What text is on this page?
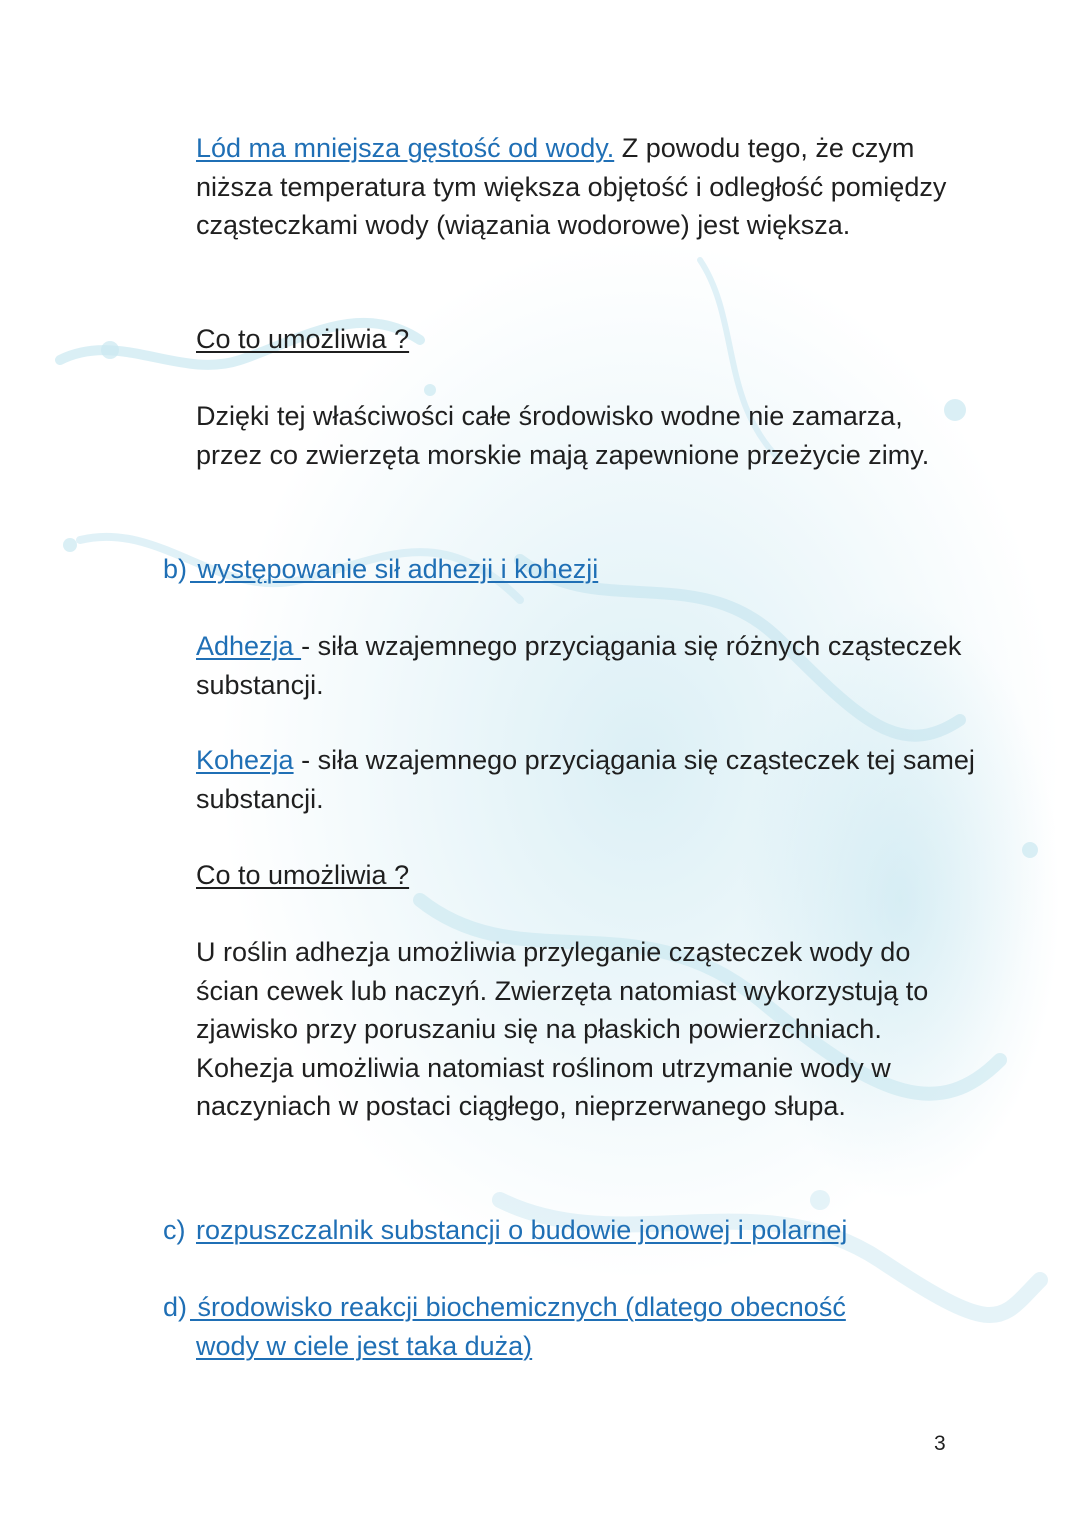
Lód ma mniejsza gęstość od wody. Z powodu tego, że czym niższa temperatura tym większa objętość i odległość pomiędzy cząsteczkami wody (wiązania wodorowe) jest większa.

Co to umożliwia ?

Dzięki tej właściwości całe środowisko wodne nie zamarza, przez co zwierzęta morskie mają zapewnione przeżycie zimy.

b) występowanie sił adhezji i kohezji

Adhezja - siła wzajemnego przyciągania się różnych cząsteczek substancji.

Kohezja - siła wzajemnego przyciągania się cząsteczek tej samej substancji.

Co to umożliwia ?

U roślin adhezja umożliwia przyleganie cząsteczek wody do ścian cewek lub naczyń. Zwierzęta natomiast wykorzystują to zjawisko przy poruszaniu się na płaskich powierzchniach. Kohezja umożliwia natomiast roślinom utrzymanie wody w naczyniach w postaci ciągłego, nieprzerwanego słupa.

c) rozpuszczalnik substancji o budowie jonowej i polarnej

d) środowisko reakcji biochemicznych (dlatego obecność
wody w ciele jest taka duża)

3
